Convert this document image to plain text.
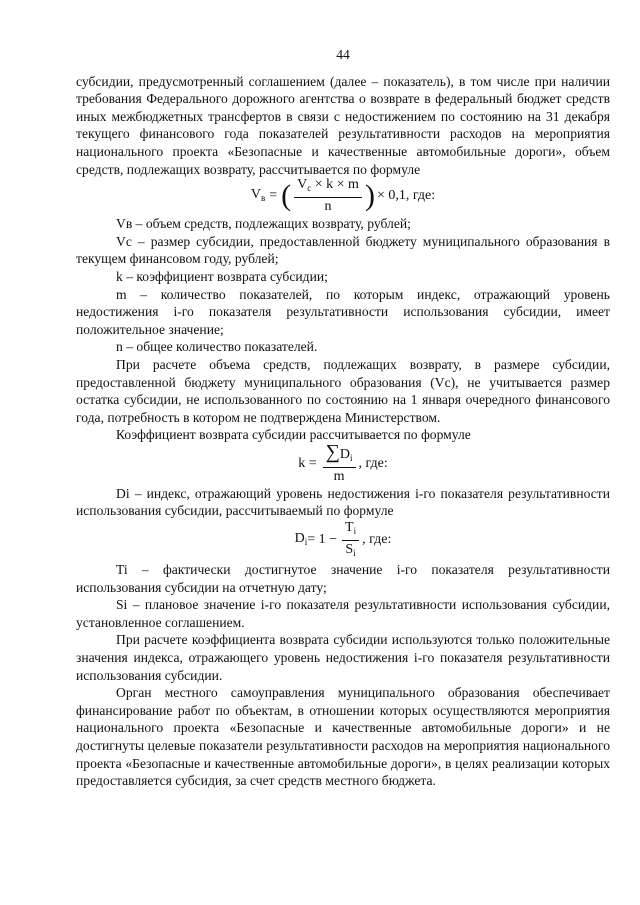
44

субсидии, предусмотренный соглашением (далее – показатель), в том числе при наличии требования Федерального дорожного агентства о возврате в федеральный бюджет средств иных межбюджетных трансфертов в связи с недостижением по состоянию на 31 декабря текущего финансового года показателей результативности расходов на мероприятия национального проекта «Безопасные и качественные автомобильные дороги», объем средств, подлежащих возврату, рассчитывается по формуле

$V_в$ = ( $\frac{V_с \times k \times m}{n}$ ) × 0,1, где:

Vв – объем средств, подлежащих возврату, рублей;

Vс – размер субсидии, предоставленной бюджету муниципального образования в текущем финансовом году, рублей;

k – коэффициент возврата субсидии;

m – количество показателей, по которым индекс, отражающий уровень недостижения i-го показателя результативности использования субсидии, имеет положительное значение;

n – общее количество показателей.

При расчете объема средств, подлежащих возврату, в размере субсидии, предоставленной бюджету муниципального образования (Vс), не учитывается размер остатка субсидии, не использованного по состоянию на 1 января очередного финансового года, потребность в котором не подтверждена Министерством.

Коэффициент возврата субсидии рассчитывается по формуле

$k = \frac{\sum D_i}{m}$ , где:

Di – индекс, отражающий уровень недостижения i-го показателя результативности использования субсидии, рассчитываемый по формуле

$D_i = 1 - \frac{T_i}{S_i}$ , где:

Ti – фактически достигнутое значение i-го показателя результативности использования субсидии на отчетную дату;

Si – плановое значение i-го показателя результативности использования субсидии, установленное соглашением.

При расчете коэффициента возврата субсидии используются только положительные значения индекса, отражающего уровень недостижения i-го показателя результативности использования субсидии.

Орган местного самоуправления муниципального образования обеспечивает финансирование работ по объектам, в отношении которых осуществляются мероприятия национального проекта «Безопасные и качественные автомобильные дороги» и не достигнуты целевые показатели результативности расходов на мероприятия национального проекта «Безопасные и качественные автомобильные дороги», в целях реализации которых предоставляется субсидия, за счет средств местного бюджета.
